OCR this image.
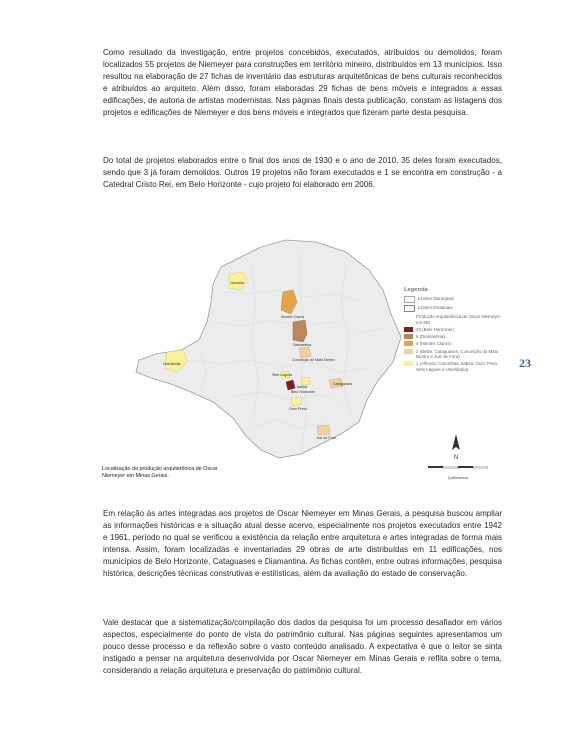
Como resultado da investigação, entre projetos concebidos, executados, atribuídos ou demolidos, foram localizados 55 projetos de Niemeyer para construções em território mineiro, distribuídos em 13 municípios. Isso resultou na elaboração de 27 fichas de inventário das estruturas arquitetônicas de bens culturais reconhecidos e atribuídos ao arquiteto. Além disso, foram elaboradas 29 fichas de bens móveis e integrados a essas edificações, de autoria de artistas modernistas. Nas páginas finais desta publicação, constam as listagens dos projetos e edificações de Niemeyer e dos bens móveis e integrados que fizeram parte desta pesquisa.

Do total de projetos elaborados entre o final dos anos de 1930 e o ano de 2010, 35 deles foram executados, sendo que 3 já foram demolidos. Outros 19 projetos não foram executados e 1 se encontra em construção - a Catedral Cristo Rei, em Belo Horizonte - cujo projeto foi elaborado em 2006.

Januária
Montes Claros
Diamantina
Uberlândia
Conceição do Mato Dentro
Sete Lagoas
Belo Horizonte
Itabira
Cataguases
Ouro Preto
Juiz de Fora
Legenda
Limites Municipais
Limites Estaduais
Produção arquitetônica de Oscar Niemeyer em MG
23 (Belo Horizonte)
6 (Diamantina)
4 (Montes Claros)
2 (Belim, Cataguases, Conceição do Mato Dentro e Juiz de Fora)
1 (Alfenas, Carumbas, Itabira, Ouro Preto, Sete Lagoas e Uberlândia)
N
Quilômetros
Localização da produção arquitetônica de Oscar Niemeyer em Minas Gerais.

Em relação às artes integradas aos projetos de Oscar Niemeyer em Minas Gerais, a pesquisa buscou ampliar as informações históricas e a situação atual desse acervo, especialmente nos projetos executados entre 1942 e 1961, período no qual se verificou a existência da relação entre arquitetura e artes integradas de forma mais intensa. Assim, foram localizadas e inventariadas 29 obras de arte distribuídas em 11 edificações, nos municípios de Belo Horizonte, Cataguases e Diamantina. As fichas contêm, entre outras informações, pesquisa histórica, descrições técnicas construtivas e estilísticas, além da avaliação do estado de conservação.

Vale destacar que a sistematização/compilação dos dados da pesquisa foi um processo desafiador em vários aspectos, especialmente do ponto de vista do patrimônio cultural. Nas páginas seguintes apresentamos um pouco desse processo e da reflexão sobre o vasto conteúdo analisado. A expectativa é que o leitor se sinta instigado a pensar na arquitetura desenvolvida por Oscar Niemeyer em Minas Gerais e reflita sobre o tema, considerando a relação arquitetura e preservação do patrimônio cultural.

23
